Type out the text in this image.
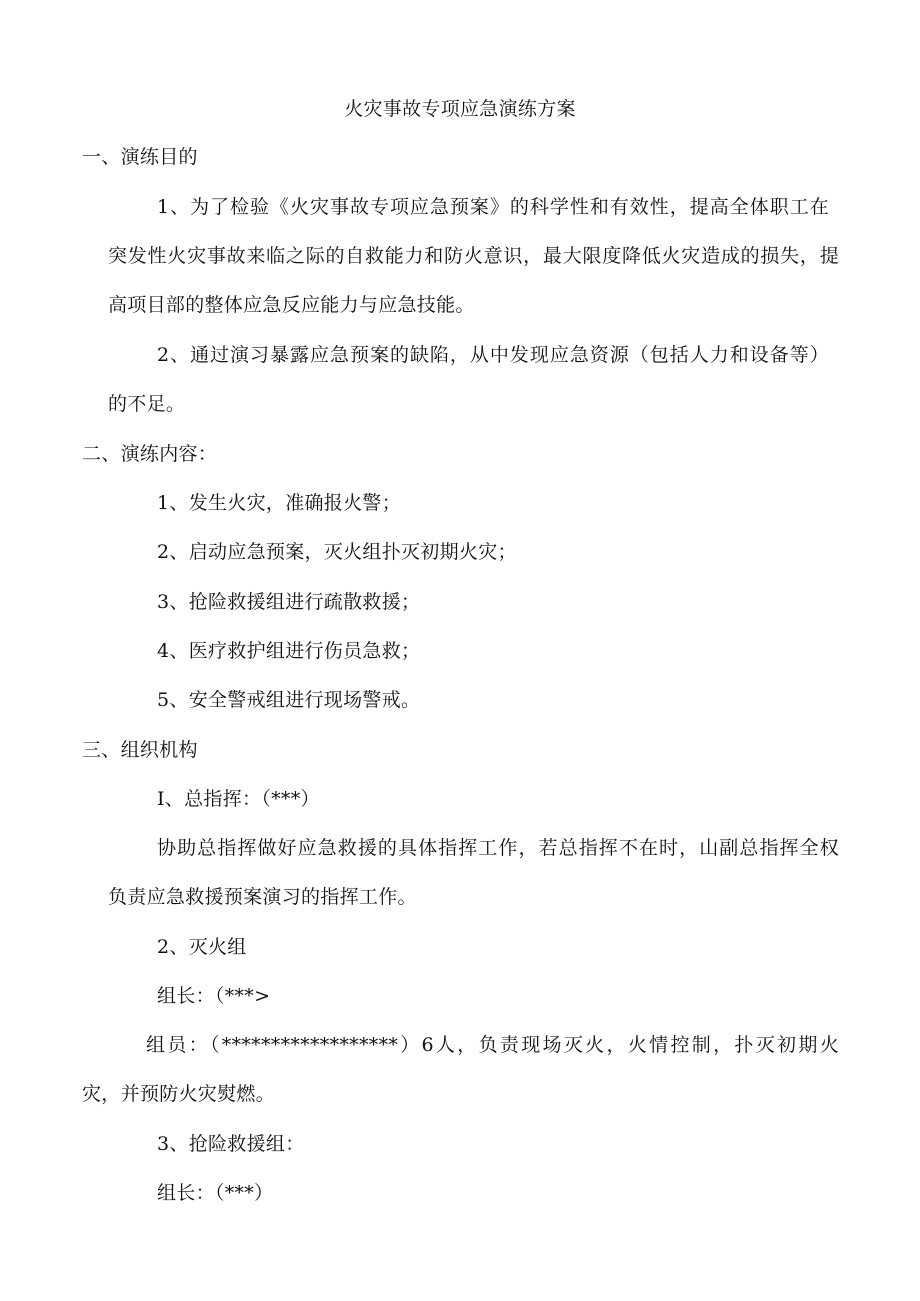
火灾事故专项应急演练方案
一、演练目的
1、为了检验《火灾事故专项应急预案》的科学性和有效性，提高全体职工在
突发性火灾事故来临之际的自救能力和防火意识，最大限度降低火灾造成的损失，提
高项目部的整体应急反应能力与应急技能。
2、通过演习暴露应急预案的缺陷，从中发现应急资源（包括人力和设备等）
的不足。
二、演练内容：
1、发生火灾，准确报火警；
2、启动应急预案，灭火组扑灭初期火灾；
3、抢险救援组进行疏散救援；
4、医疗救护组进行伤员急救；
5、安全警戒组进行现场警戒。
三、组织机构
I、总指挥：（***）
协助总指挥做好应急救援的具体指挥工作，若总指挥不在时，山副总指挥全权
负责应急救援预案演习的指挥工作。
2、灭火组
组长：（***>
组员：（******************）6人，负责现场灭火，火情控制，扑灭初期火
灾，并预防火灾熨燃。
3、抢险救援组：
组长：（***）
